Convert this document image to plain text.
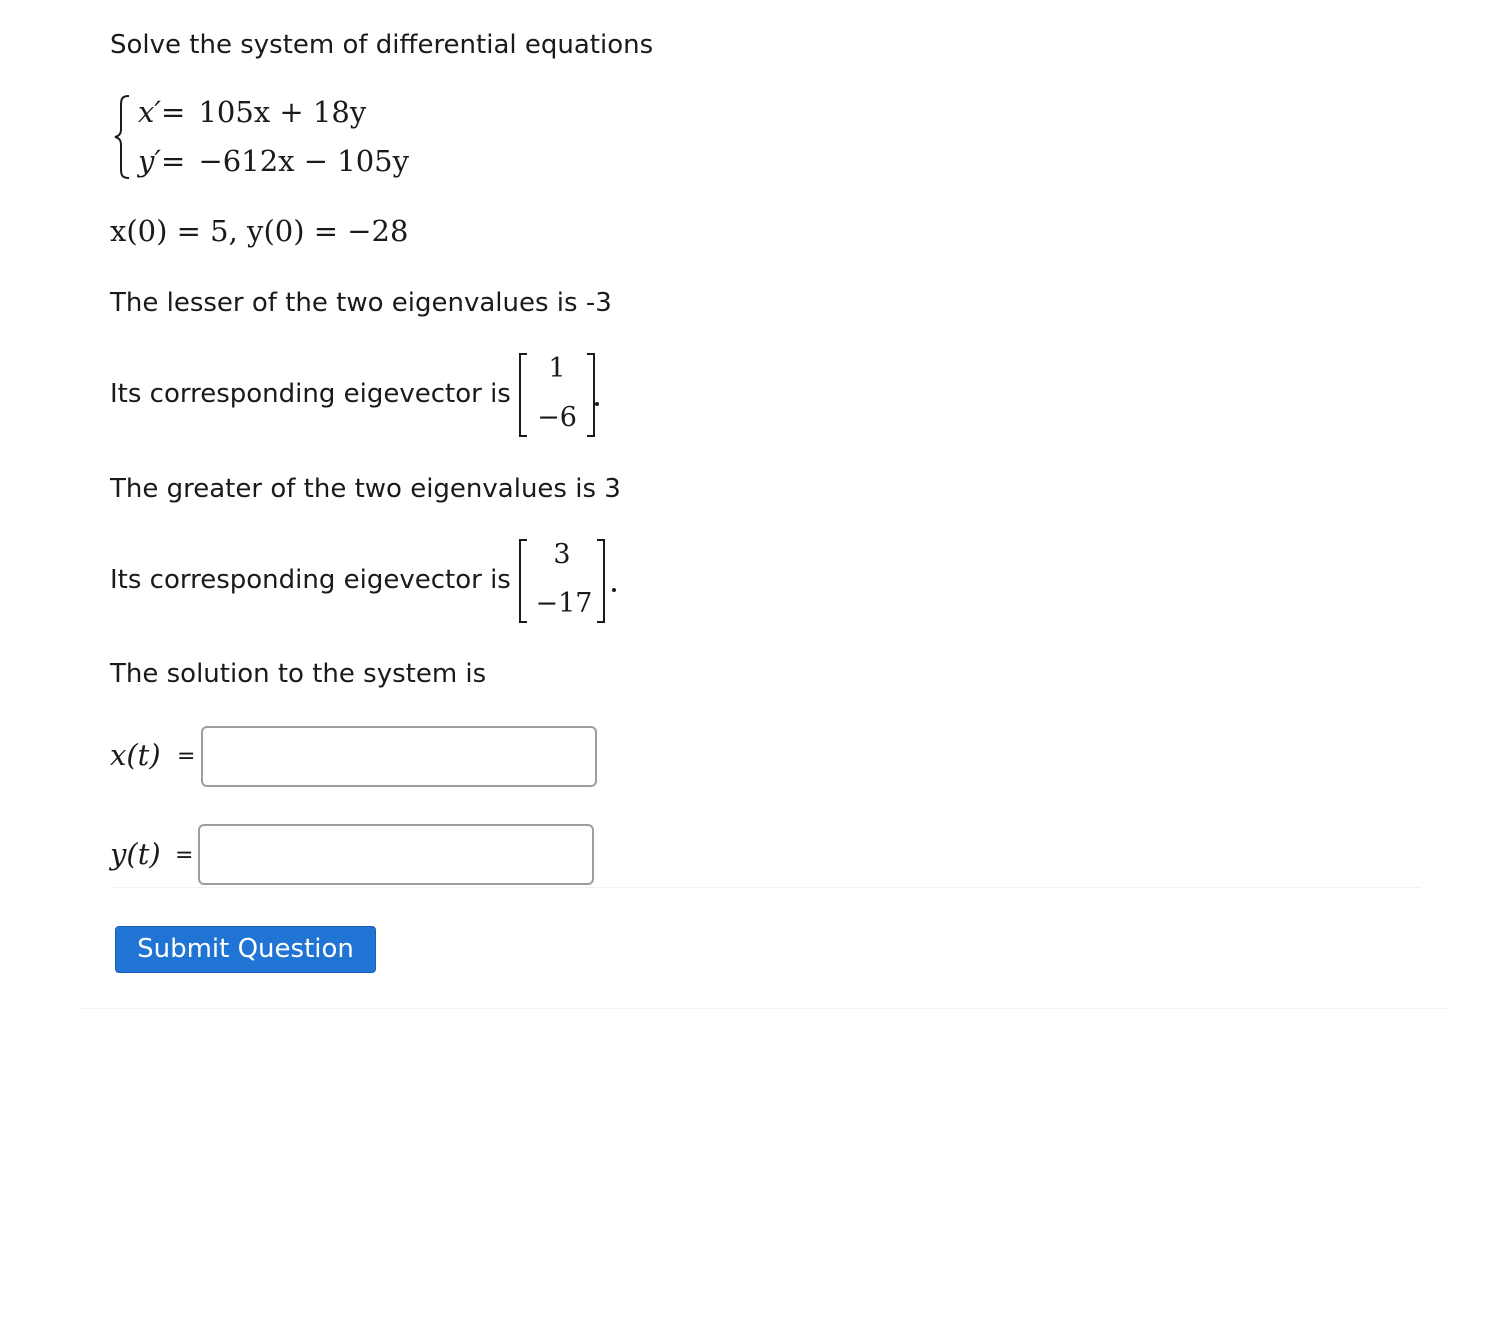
Solve the system of differential equations
x′= 105x + 18y
y′= −612x − 105y
x(0) = 5, y(0) = −28
The lesser of the two eigenvalues is -3
Its corresponding eigevector is
1
−6
The greater of the two eigenvalues is 3
Its corresponding eigevector is
3
−17
The solution to the system is
x(t) =
y(t) =
Submit Question
